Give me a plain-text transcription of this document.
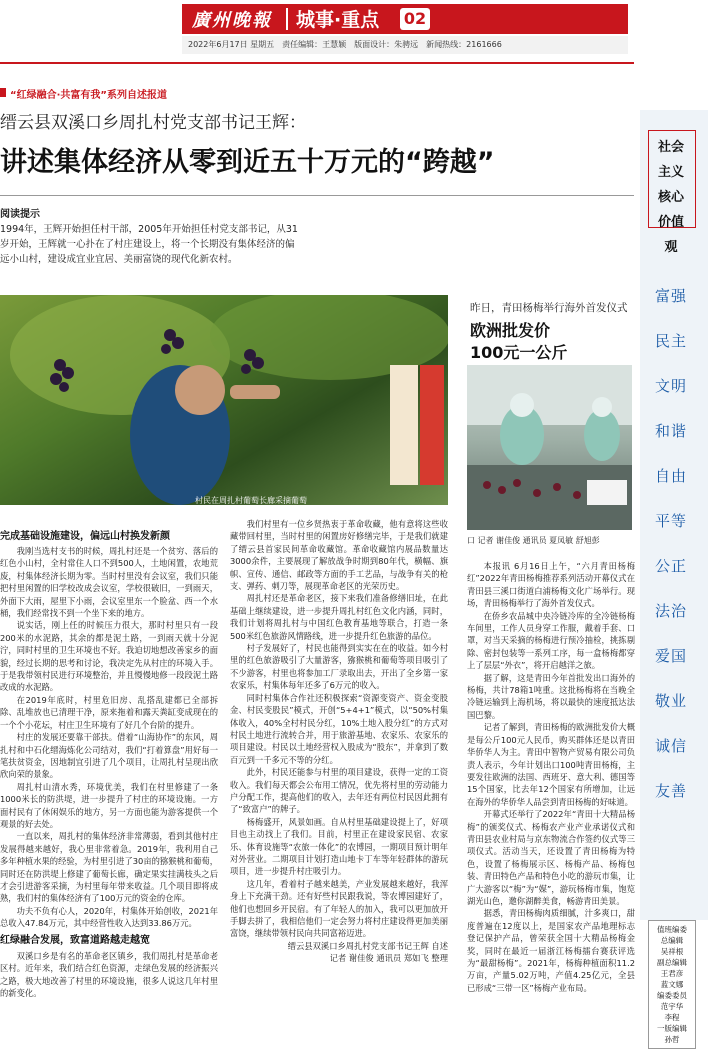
廣州晚報 城事·重点 02
2022年6月17日 星期五　责任编辑：王慧颖　版面设计：朱骋远　新闻热线：2161666
“红绿融合·共富有我”系列自述报道
缙云县双溪口乡周扎村党支部书记王辉：
讲述集体经济从零到近五十万元的“跨越”
阅读提示
1994年，王辉开始担任村干部，2005年开始担任村党支部书记，从31岁开始，王辉就一心扑在了村庄建设上，将一个长期没有集体经济的偏远小山村，建设成宜业宜居、美丽富饶的现代化新农村。
村民在周扎村葡萄长廊采摘葡萄
昨日，青田杨梅举行海外首发仪式
欧洲批发价
100元一公斤
口 记者 谢佳俊 通讯员 夏凤敏 舒旭彭

本报讯 6月16日上午，“六月青田杨梅红”2022年青田杨梅推荐系列活动开幕仪式在青田县三溪口街道白浦杨梅文化广场举行。现场，青田杨梅举行了海外首发仪式。

在侨乡农品城中央冷链冷库的全冷链杨梅车间里，工作人员身穿工作服，戴着手套、口罩，对当天采摘的杨梅进行预冷抽检，挑拣剔除、密封包装等一系列工序，每一盒杨梅都穿上了层层“外衣”，将开启越洋之旅。

据了解，这是青田今年首批发出口海外的杨梅，共计78箱1吨重。这批杨梅将在当晚全冷链运输到上海机场，将以最快的速度抵达法国巴黎。

记者了解到，青田杨梅的欧洲批发价大概是每公斤100元人民币，购买群体还是以青田华侨华人为主。青田中智物产贸易有限公司负责人表示，今年计划出口100吨青田杨梅，主要发往欧洲的法国、西班牙、意大利、德国等15个国家，比去年12个国家有所增加，让远在海外的华侨华人品尝到青田杨梅的好味道。

开幕式还举行了2022年“青田十大精品杨梅”的颁奖仪式、杨梅农产业产业承诺仪式和青田县农业村局与京东物流合作签约仪式等三项仪式。活动当天，还设置了青田杨梅为特色，设置了杨梅展示区、杨梅产品、杨梅包装、青田特色产品和特色小吃的游玩市集，让广大游客以“梅”为“媒”，游玩杨梅市集，饱览湖光山色，邀你湖醉美食，畅游青田美景。

据悉，青田杨梅肉质细腻，汁多爽口，甜度普遍在12度以上，是国家农产品地理标志登记保护产品，曾荣获全国十大精品杨梅金奖，同时在最近一届浙江杨梅擂台赛获评选为“最甜杨梅”。2021年，杨梅种植面积11.2万亩，产量5.02万吨，产值4.25亿元，全县已形成“三带一区”杨梅产业布局。

完成基础设施建设，偏远山村换发新颜

我刚当选村支书的时候，周扎村还是一个贫穷、落后的红色小山村，全村常住人口不到500人，土地闲置，农地荒废，村集体经济长期为零。当时村里没有会议室，我们只能把村里闲置的旧学校改成会议室，学校很破旧，一到雨天，外面下大雨，屋里下小雨，会议室里东一个脸盆、西一个水桶，我们经常找不到一个坐下来的地方。

说实话，刚上任的时候压力很大，那时村里只有一段200米的水泥路，其余的都是泥土路，一到雨天就十分泥泞，同时村里的卫生环境也不好。我迫切地想改善家乡的面貌，经过长期的思考和讨论，我决定先从村庄的环境入手。于是我带领村民进行环境整治，并且慢慢地修一段段泥土路改成的水泥路。

在2019年底时，村里危旧房、乱搭乱建都已全部拆除、乱堆放也已清理干净，原来拖着和露天粪缸变成现在的一个个小花坛，村庄卫生环境有了好几个台阶的提升。

村庄的发展还要靠干部扶。借着“山海协作”的东风，周扎村和中石化缙海炼化公司结对，我们“打着算盘”用好每一笔扶贫资金，因地制宜引进了几个项目，让周扎村呈现出欣欣向荣的景象。

周扎村山清水秀，环境优美，我们在村里修建了一条1000米长的防洪堤，进一步提升了村庄的环境设施。一方面村民有了休闲娱乐的地方，另一方面也能为游客提供一个观景的好去处。

一直以来，周扎村的集体经济非常薄弱，看到其他村庄发展得越来越好，我心里非常着急。2019年，我利用自己多年种植水果的经验，为村里引进了30亩的猕猴桃和葡萄，同时还在防洪堤上修建了葡萄长廊，确定果实挂满枝头之后才会引进游客采摘，为村里每年带来收益。几个项目即将成熟，我们村的集体经济有了100万元的资金的仓库。

功夫不负有心人，2020年，村集体开始创收，2021年总收入47.84万元，其中经营性收入达到33.86万元。

红绿融合发展，致富道路越走越宽

双溪口乡是有名的革命老区镇乡，我们周扎村是革命老区村。近年来，我们结合红色资源，走绿色发展的经济振兴之路，极大地改善了村里的环境设施，很多人说这几年村里的新变化。

我们村里有一位乡贤热衷于革命收藏，他有意将这些收藏带回村里，当时村里的闲置房好修缮完毕，于是我们就建了缙云县首家民间革命收藏馆。革命收藏馆内展品数量达3000余件，主要展现了解放战争时期到80年代，横幅、旗帜、宣传、通信、邮政等方面的手工艺品，与战争有关的枪支、弹药、刺刀等，展现革命老区的光荣历史。

周扎村还是革命老区，接下来我们准备修缮旧址，在此基础上继续建设，进一步提升周扎村红色文化内涵，同时，我们计划将周扎村与中国红色教育基地等联合，打造一条500米红色旅游风情路线，进一步提升红色旅游的品位。

村子发展好了，村民也能得到实实在在的收益。如今村里的红色旅游吸引了大量游客，猕猴桃和葡萄等项目吸引了不少游客，村里也将参加工厂录取出去，开出了全乡第一家农家乐，村集体每年还多了6万元的收入。

同时村集体合作社还积极探索“资源变资产、资金变股金、村民变股民”模式，开创“5+4+1”模式，以“50%村集体收入，40%全村村民分红，10%土地入股分红”的方式对村民土地进行流转合并，用于旅游基地、农家乐、农家乐的项目建设。村民以土地经营权入股成为“股东”，并拿到了数百元到一千多元不等的分红。

此外，村民还能参与村里的项目建设，获得一定的工资收入。我们每天都会公布用工情况，优先将村里的劳动能力户分配工作，提高他们的收入，去年还有两位村民因此拥有了“致富户”的牌子。

杨梅盛开，风景如画。自从村里基础建设提上了，好项目也主动找上了我们。目前，村里正在建设家民宿、农家乐、体育设施等“农旅一体化”的农博园，一期项目预计明年对外营业。二期项目计划打造山地卡丁车等年轻群体的游玩项目，进一步提升村庄吸引力。

这几年，看着村子越来越美，产业发展越来越好，我浑身上下充满干劲。还有好些村民跟我说，等农博园建好了，他们也想回乡开民宿。有了年轻人的加入，我可以更加放开手脚去拼了，我相信他们一定会努力将村庄建设得更加美丽富饶，继续带领村民向共同富裕迈进。

缙云县双溪口乡周扎村党支部书记王辉 自述
记者 谢佳俊 通讯员 郑如飞 整理
社会主义核心价值观
富强
民主
文明
和谐
自由
平等
公正
法治
爱国
敬业
诚信
友善
值班编委
总编辑
吴祥根
副总编辑
王君彦
蓝文娜
编委委员
范宇华
李程
一版编辑
孙哲
